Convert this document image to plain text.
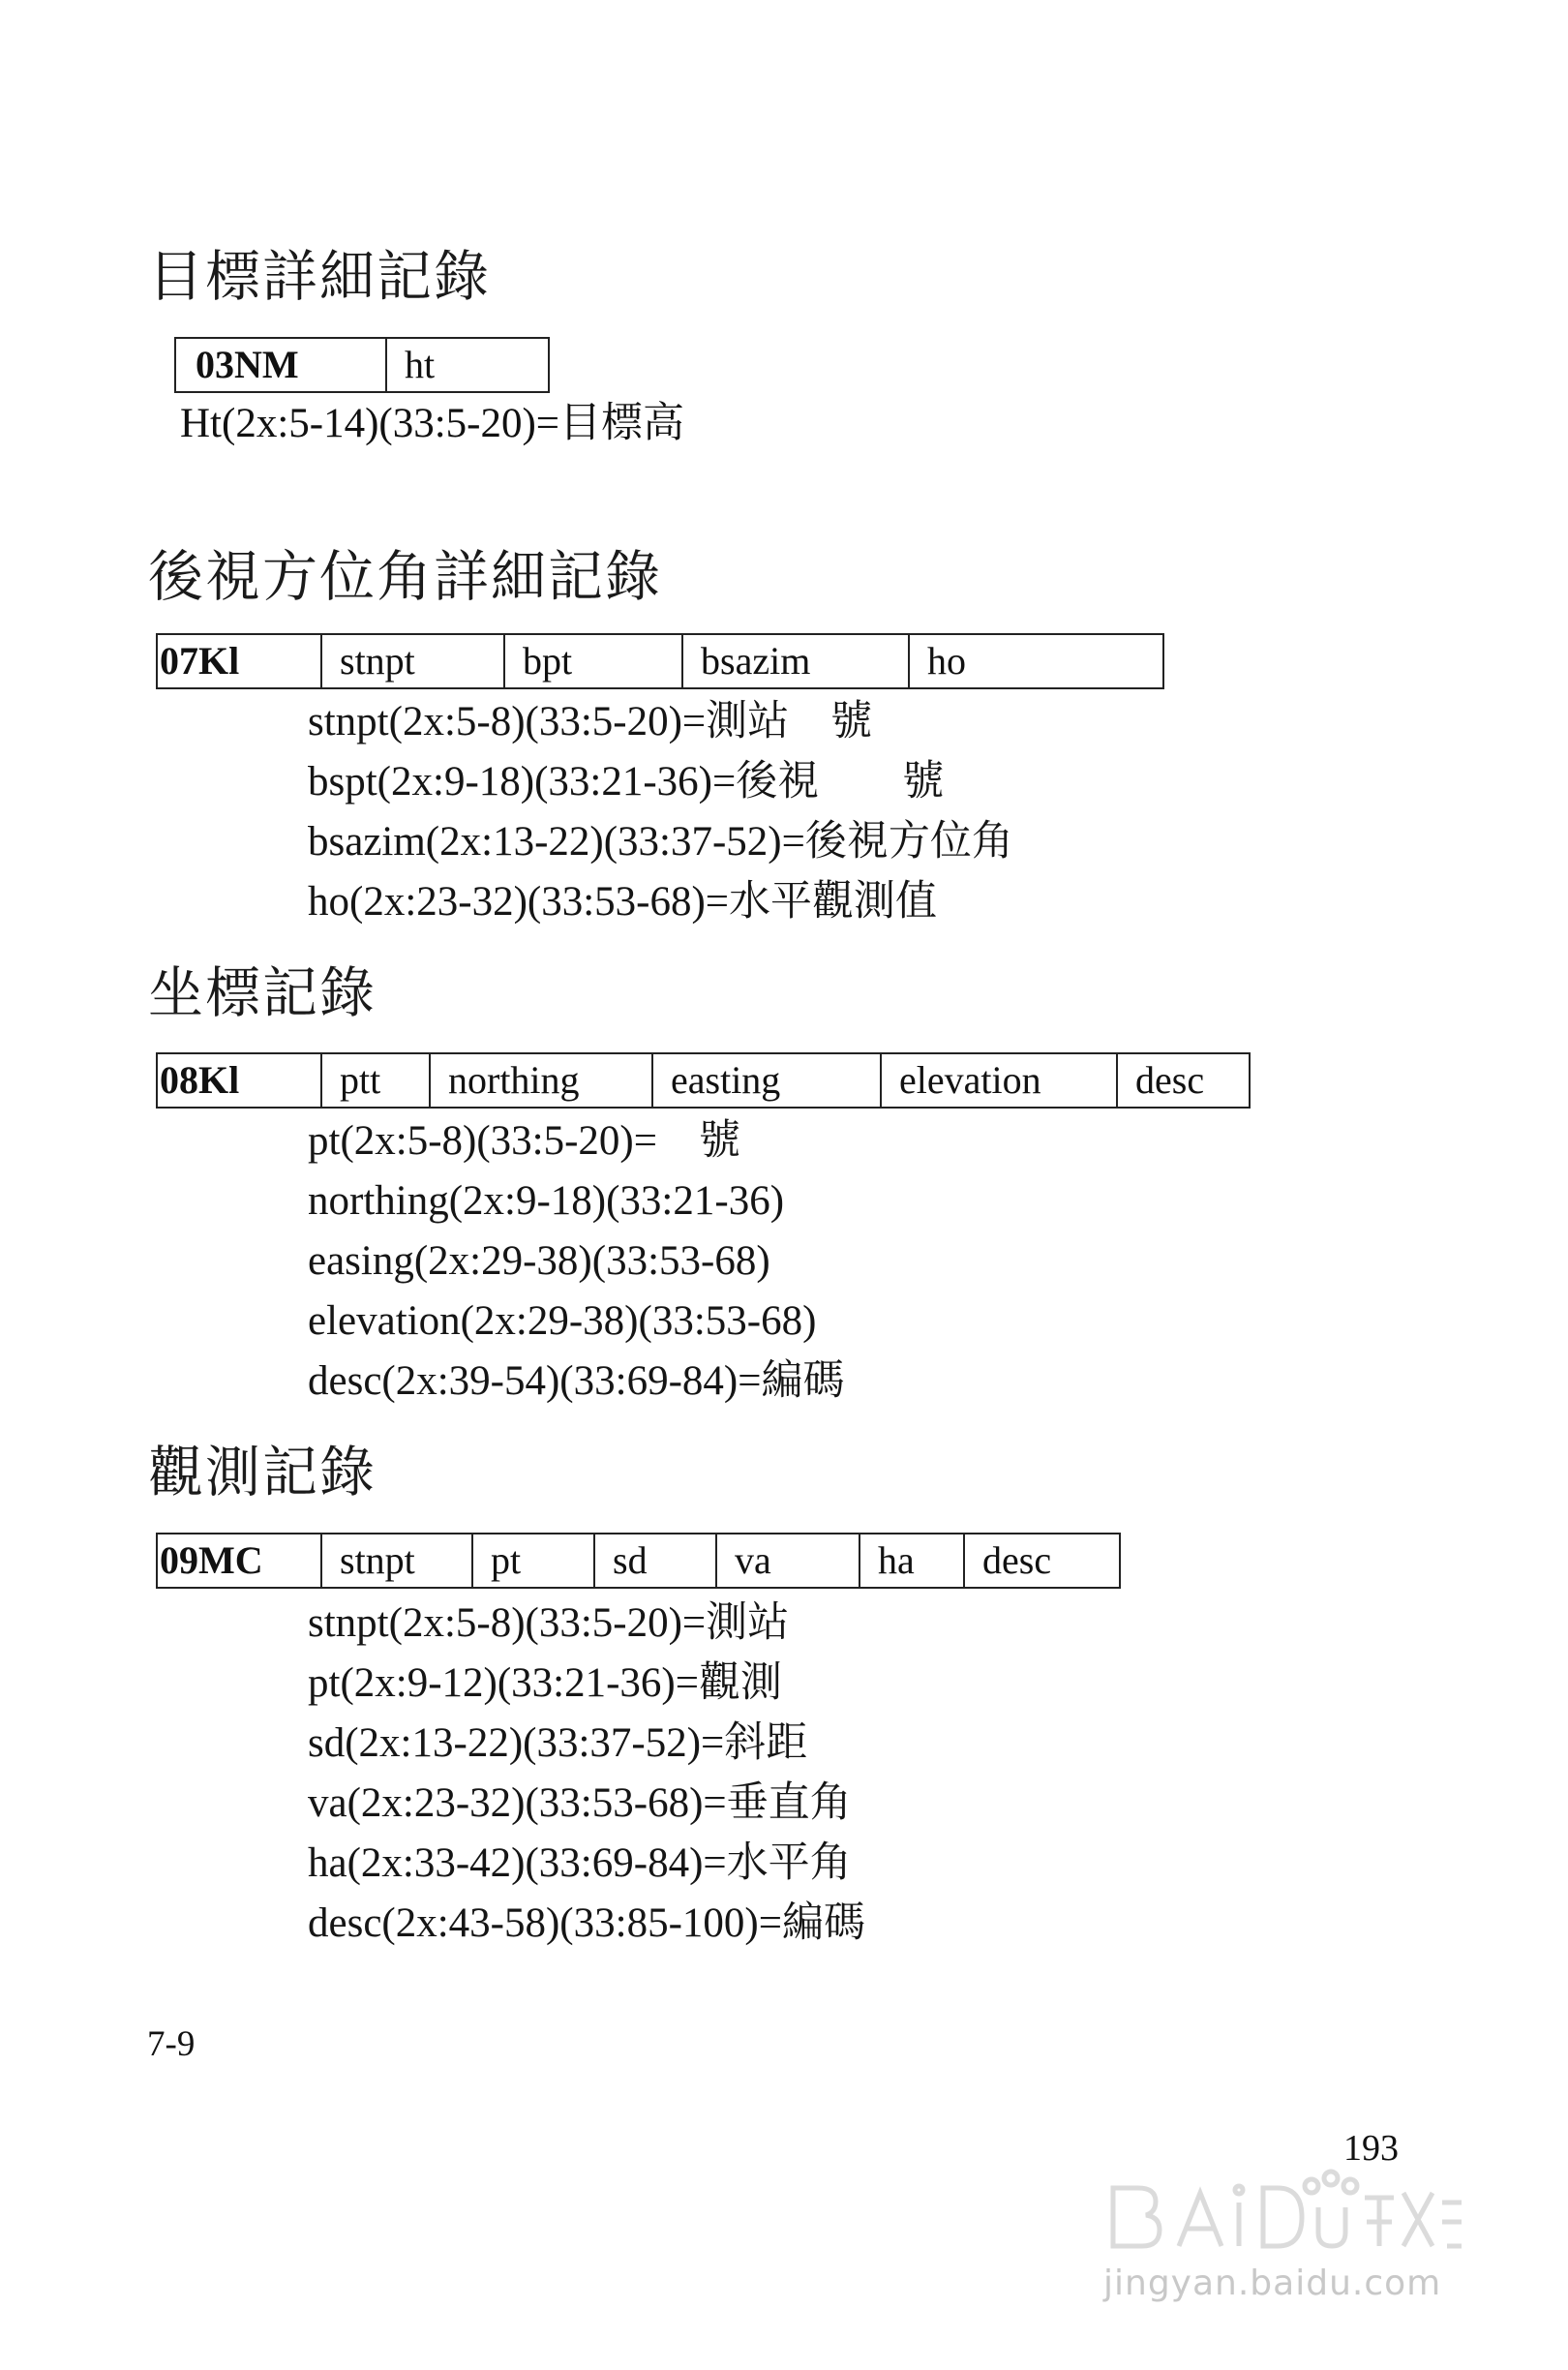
目標詳細記錄
03NM	ht
Ht(2x:5-14)(33:5-20)=目標高
後視方位角詳細記錄
07Kl	stnpt	bpt	bsazim	ho
stnpt(2x:5-8)(33:5-20)=測站　號
bspt(2x:9-18)(33:21-36)=後視　　號
bsazim(2x:13-22)(33:37-52)=後視方位角
ho(2x:23-32)(33:53-68)=水平觀測值
坐標記錄
08Kl	ptt	northing	easting	elevation	desc
pt(2x:5-8)(33:5-20)=　號
northing(2x:9-18)(33:21-36)
easing(2x:29-38)(33:53-68)
elevation(2x:29-38)(33:53-68)
desc(2x:39-54)(33:69-84)=編碼
觀測記錄
09MC	stnpt	pt	sd	va	ha	desc
stnpt(2x:5-8)(33:5-20)=測站
pt(2x:9-12)(33:21-36)=觀測
sd(2x:13-22)(33:37-52)=斜距
va(2x:23-32)(33:53-68)=垂直角
ha(2x:33-42)(33:69-84)=水平角
desc(2x:43-58)(33:85-100)=編碼
7-9
193
jingyan.baidu.com
